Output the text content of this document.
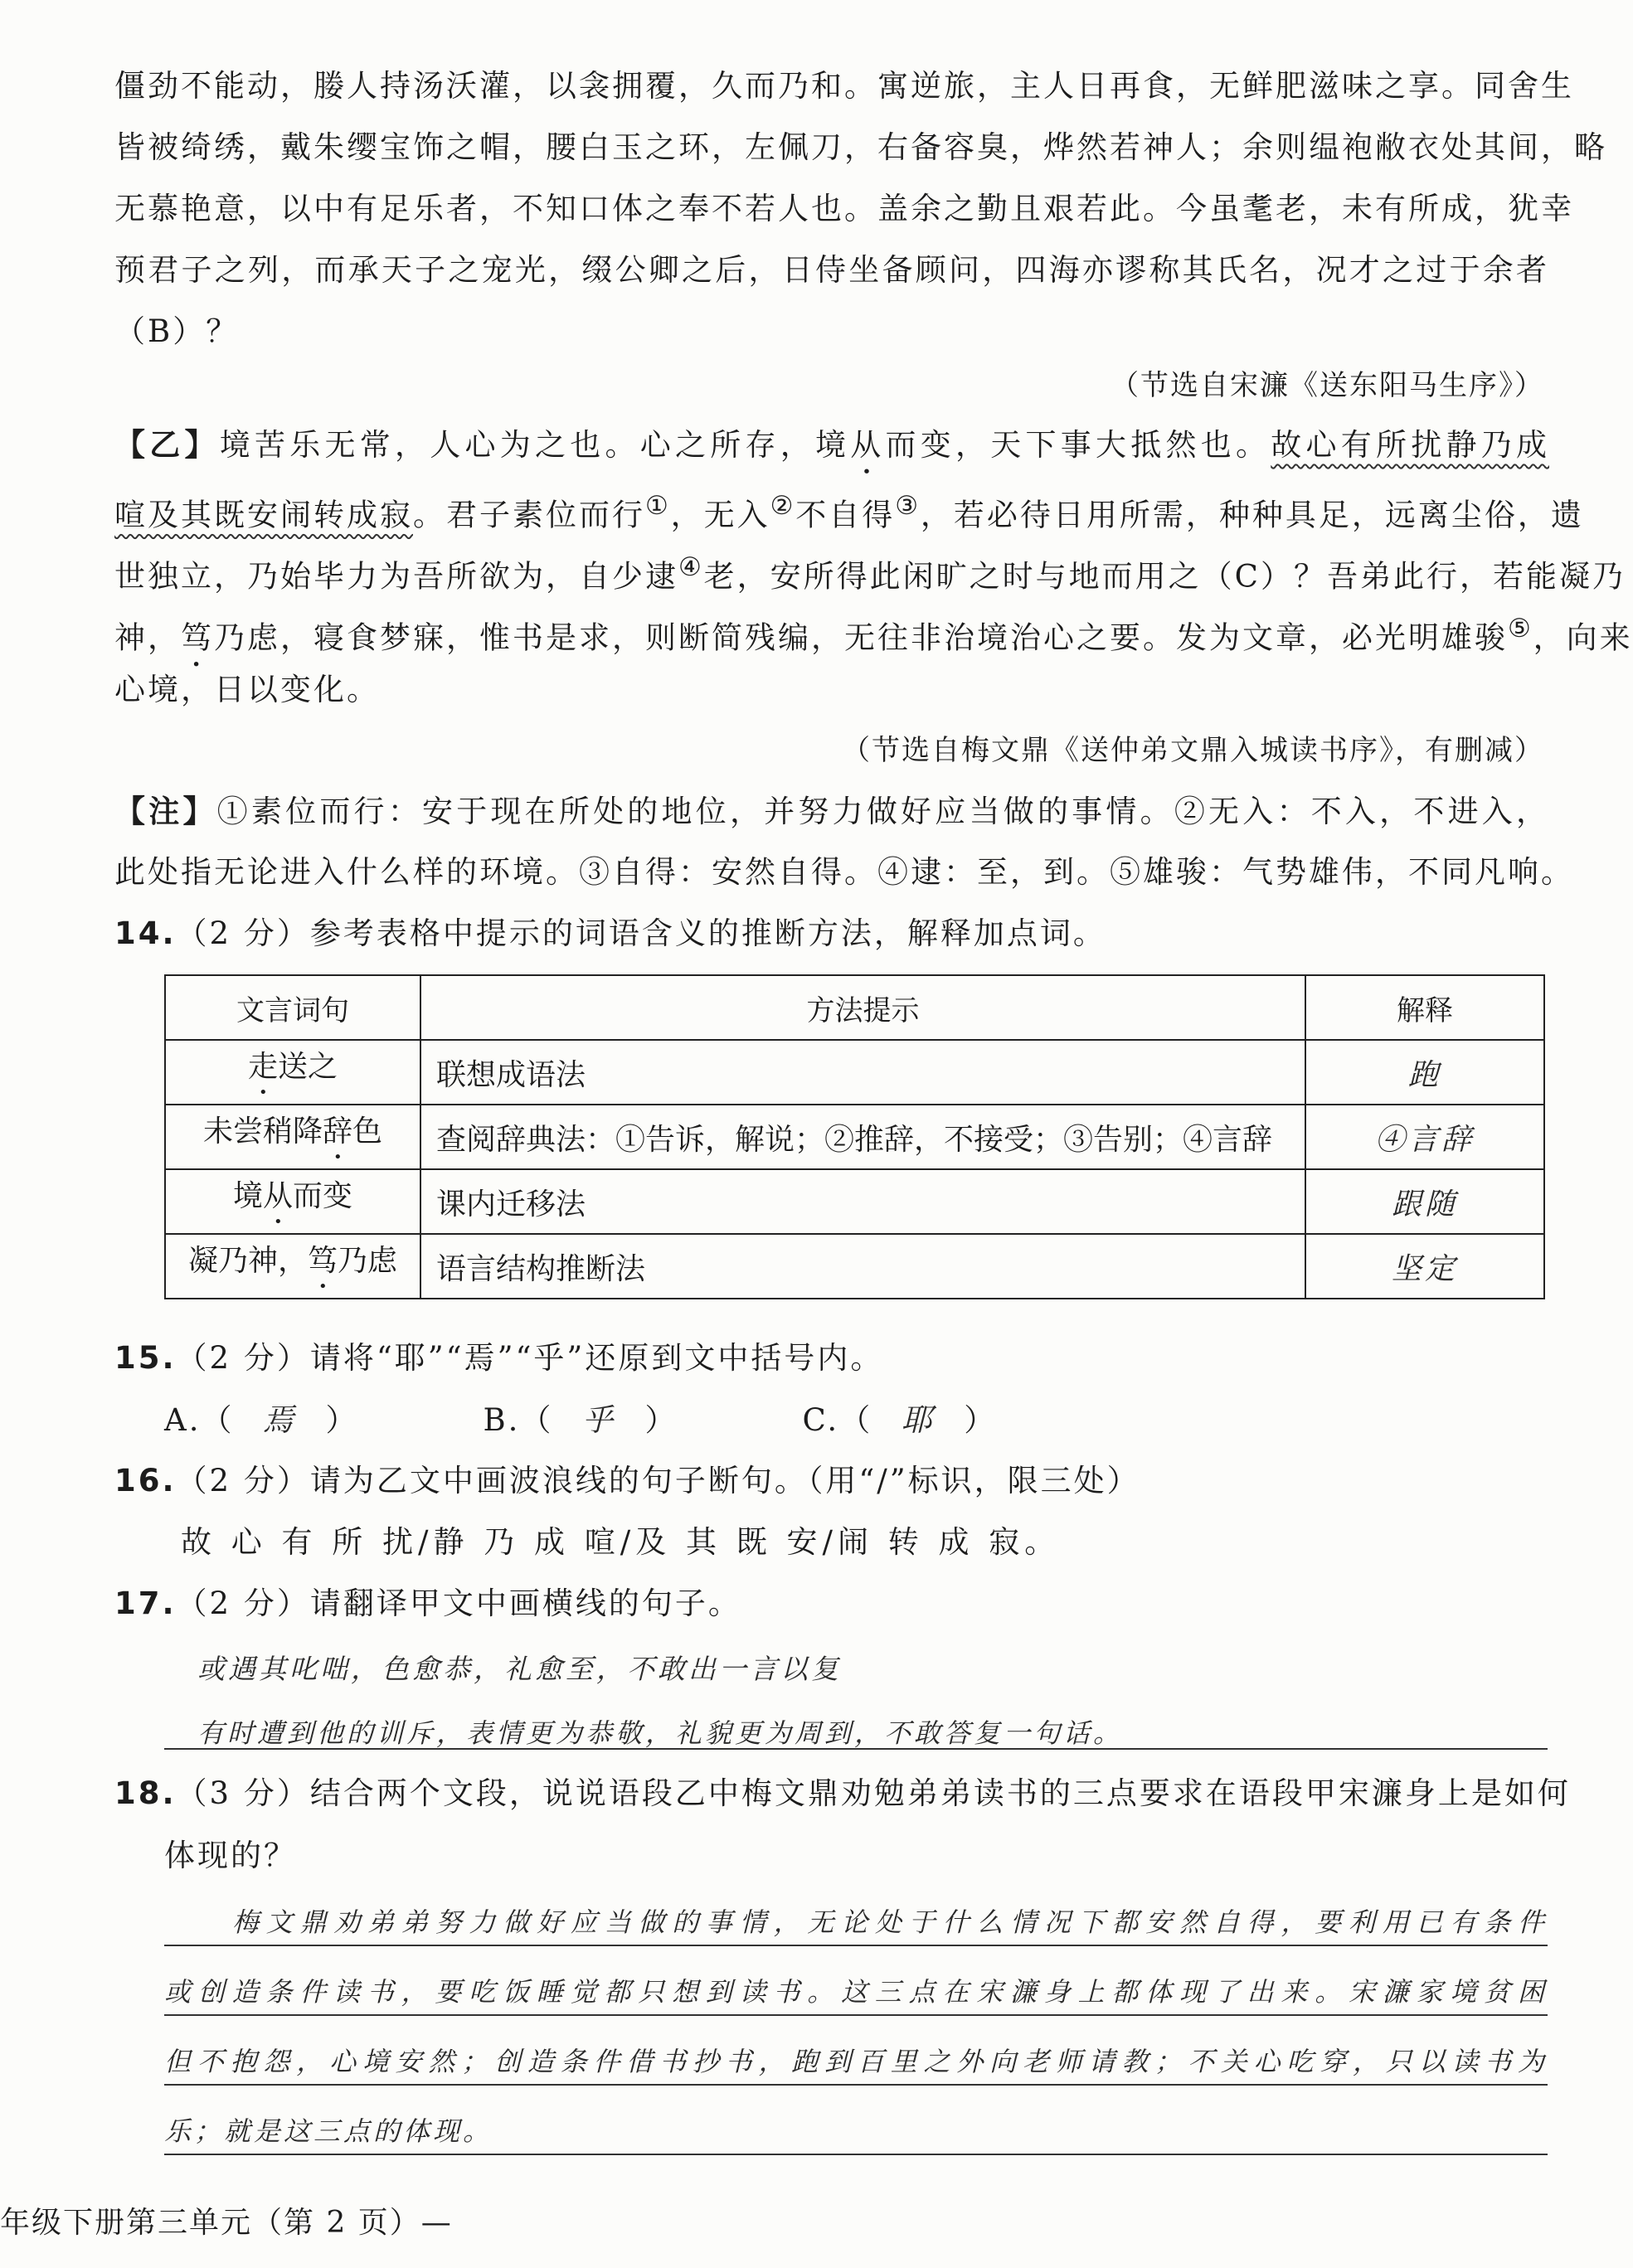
僵劲不能动，媵人持汤沃灌，以衾拥覆，久而乃和。寓逆旅，主人日再食，无鲜肥滋味之享。同舍生
皆被绮绣，戴朱缨宝饰之帽，腰白玉之环，左佩刀，右备容臭，烨然若神人；余则缊袍敝衣处其间，略
无慕艳意，以中有足乐者，不知口体之奉不若人也。盖余之勤且艰若此。今虽耄老，未有所成，犹幸
预君子之列，而承天子之宠光，缀公卿之后，日侍坐备顾问，四海亦谬称其氏名，况才之过于余者
（B）？
（节选自宋濂《送东阳马生序》）
【乙】境苦乐无常，人心为之也。心之所存，境从而变，天下事大抵然也。故心有所扰静乃成
喧及其既安闹转成寂。君子素位而行①，无入②不自得③，若必待日用所需，种种具足，远离尘俗，遗
世独立，乃始毕力为吾所欲为，自少逮④老，安所得此闲旷之时与地而用之（C）？吾弟此行，若能凝乃
神，笃乃虑，寝食梦寐，惟书是求，则断简残编，无往非治境治心之要。发为文章，必光明雄骏⑤，向来
心境，日以变化。
（节选自梅文鼎《送仲弟文鼎入城读书序》，有删减）
【注】①素位而行：安于现在所处的地位，并努力做好应当做的事情。②无入：不入，不进入，
此处指无论进入什么样的环境。③自得：安然自得。④逮：至，到。⑤雄骏：气势雄伟，不同凡响。
14.（2 分）参考表格中提示的词语含义的推断方法，解释加点词。
文言词句	方法提示	解释
走送之	联想成语法	跑
未尝稍降辞色	查阅辞典法：①告诉，解说；②推辞，不接受；③告别；④言辞	④言辞
境从而变	课内迁移法	跟随
凝乃神，笃乃虑	语言结构推断法	坚定
15.（2 分）请将“耶”“焉”“乎”还原到文中括号内。
A.（ 焉 ）	B.（ 乎 ）	C.（ 耶 ）
16.（2 分）请为乙文中画波浪线的句子断句。（用“/”标识，限三处）
故 心 有 所 扰/静 乃 成 喧/及 其 既 安/闹 转 成 寂。
17.（2 分）请翻译甲文中画横线的句子。
或遇其叱咄，色愈恭，礼愈至，不敢出一言以复
有时遭到他的训斥，表情更为恭敬，礼貌更为周到，不敢答复一句话。
18.（3 分）结合两个文段，说说语段乙中梅文鼎劝勉弟弟读书的三点要求在语段甲宋濂身上是如何
体现的？
梅文鼎劝弟弟努力做好应当做的事情，无论处于什么情况下都安然自得，要利用已有条件
或创造条件读书，要吃饭睡觉都只想到读书。这三点在宋濂身上都体现了出来。宋濂家境贫困
但不抱怨，心境安然；创造条件借书抄书，跑到百里之外向老师请教；不关心吃穿，只以读书为
乐；就是这三点的体现。
年级下册第三单元（第 2 页）—
